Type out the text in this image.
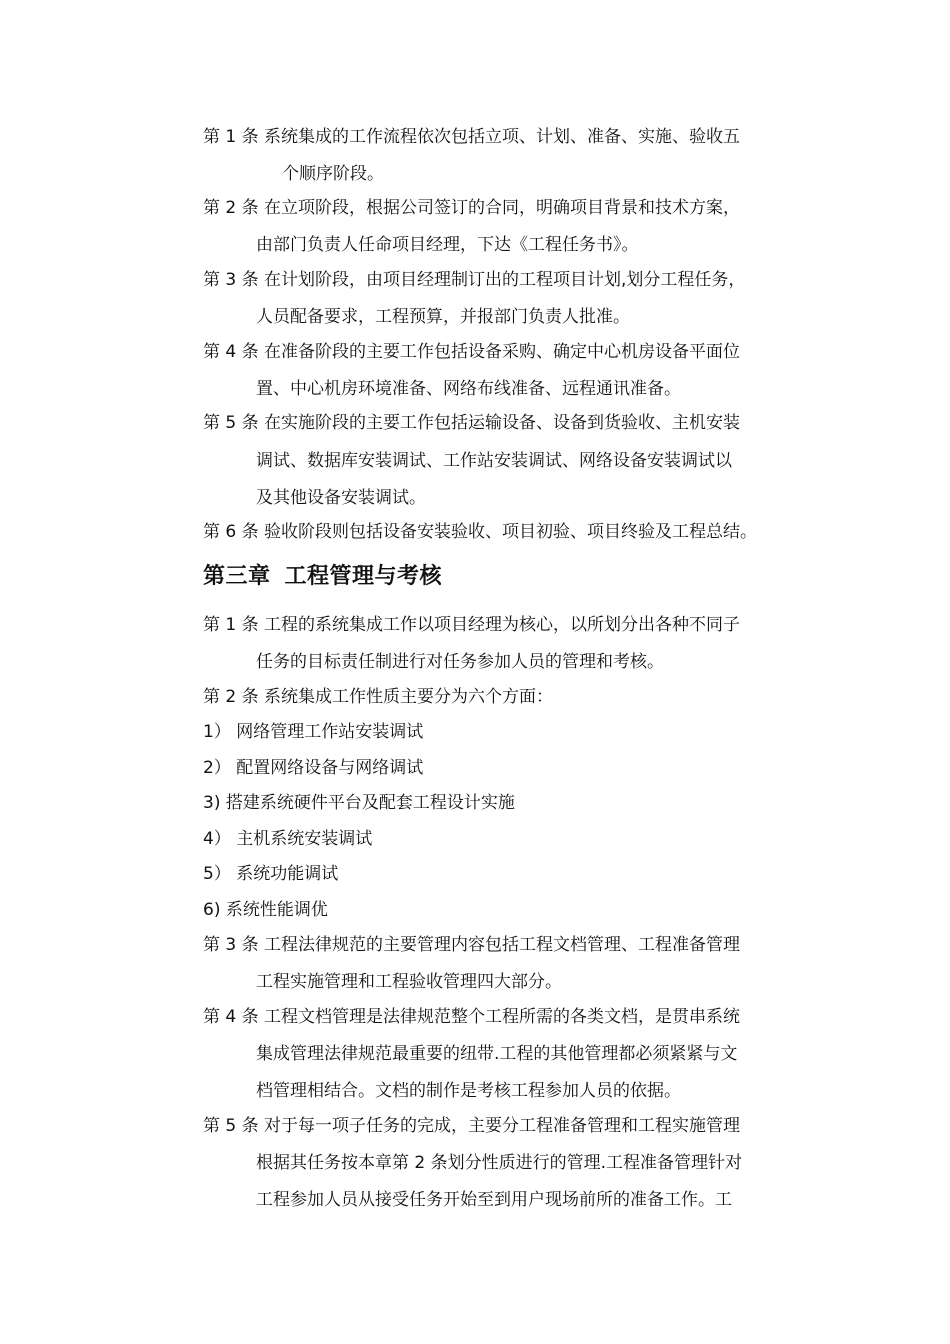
第 1 条 系统集成的工作流程依次包括立项、计划、准备、实施、验收五
个顺序阶段。
第 2 条 在立项阶段，根据公司签订的合同，明确项目背景和技术方案，
由部门负责人任命项目经理，下达《工程任务书》。
第 3 条 在计划阶段，由项目经理制订出的工程项目计划,划分工程任务，
人员配备要求，工程预算，并报部门负责人批准。
第 4 条 在准备阶段的主要工作包括设备采购、确定中心机房设备平面位
置、中心机房环境准备、网络布线准备、远程通讯准备。
第 5 条 在实施阶段的主要工作包括运输设备、设备到货验收、主机安装
调试、数据库安装调试、工作站安装调试、网络设备安装调试以
及其他设备安装调试。
第 6 条 验收阶段则包括设备安装验收、项目初验、项目终验及工程总结。
第三章 工程管理与考核
第 1 条 工程的系统集成工作以项目经理为核心，以所划分出各种不同子
任务的目标责任制进行对任务参加人员的管理和考核。
第 2 条 系统集成工作性质主要分为六个方面：
1） 网络管理工作站安装调试
2） 配置网络设备与网络调试
3) 搭建系统硬件平台及配套工程设计实施
4） 主机系统安装调试
5） 系统功能调试
6) 系统性能调优
第 3 条 工程法律规范的主要管理内容包括工程文档管理、工程准备管理
工程实施管理和工程验收管理四大部分。
第 4 条 工程文档管理是法律规范整个工程所需的各类文档，是贯串系统
集成管理法律规范最重要的纽带.工程的其他管理都必须紧紧与文
档管理相结合。文档的制作是考核工程参加人员的依据。
第 5 条 对于每一项子任务的完成，主要分工程准备管理和工程实施管理
根据其任务按本章第 2 条划分性质进行的管理.工程准备管理针对
工程参加人员从接受任务开始至到用户现场前所的准备工作。工
